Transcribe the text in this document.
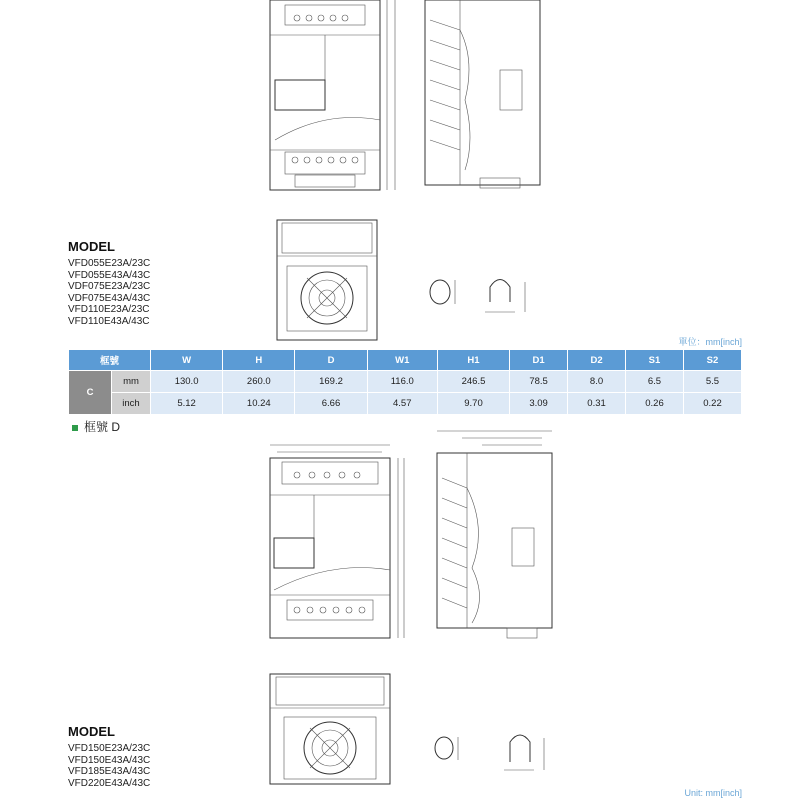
MODEL
VFD055E23A/23C
VFD055E43A/43C
VDF075E23A/23C
VDF075E43A/43C
VFD110E23A/23C
VFD110E43A/43C
單位：mm[inch]
框號		W	H	D	W1	H1	D1	D2	S1	S2
C	mm	130.0	260.0	169.2	116.0	246.5	78.5	8.0	6.5	5.5
	inch	5.12	10.24	6.66	4.57	9.70	3.09	0.31	0.26	0.22
框號 D
MODEL
VFD150E23A/23C
VFD150E43A/43C
VFD185E43A/43C
VFD220E43A/43C
Unit: mm[inch]
